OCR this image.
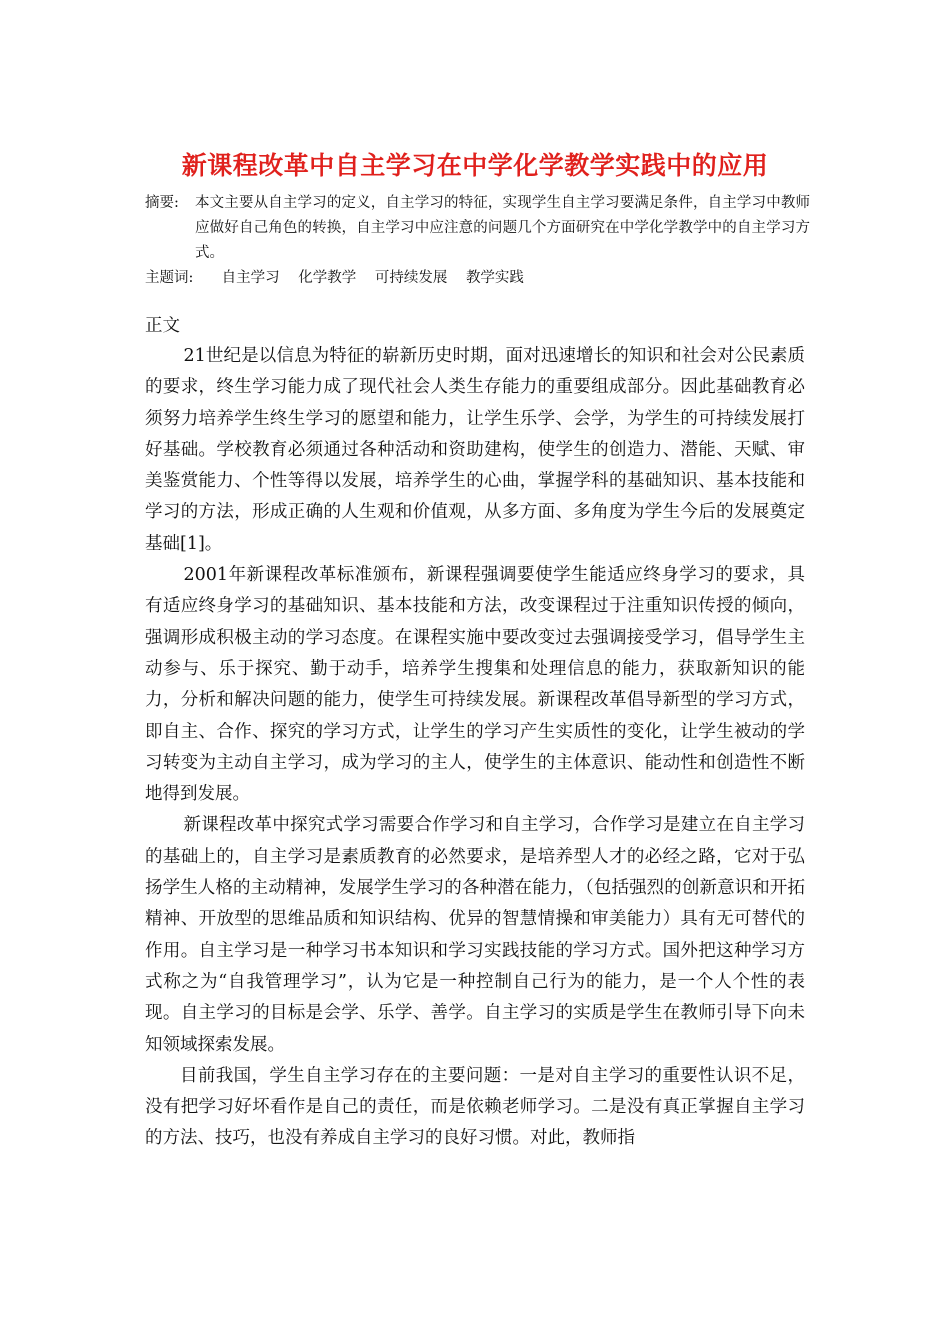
新课程改革中自主学习在中学化学教学实践中的应用
摘要:	本文主要从自主学习的定义，自主学习的特征，实现学生自主学习要满足条件，自主学习中教师应做好自己角色的转换，自主学习中应注意的问题几个方面研究在中学化学教学中的自主学习方式。
主题词: 自主学习 化学教学 可持续发展 教学实践
正文

21世纪是以信息为特征的崭新历史时期，面对迅速增长的知识和社会对公民素质的要求，终生学习能力成了现代社会人类生存能力的重要组成部分。因此基础教育必须努力培养学生终生学习的愿望和能力，让学生乐学、会学，为学生的可持续发展打好基础。学校教育必须通过各种活动和资助建构，使学生的创造力、潜能、天赋、审美鉴赏能力、个性等得以发展，培养学生的心曲，掌握学科的基础知识、基本技能和学习的方法，形成正确的人生观和价值观，从多方面、多角度为学生今后的发展奠定基础[1]。

2001年新课程改革标准颁布，新课程强调要使学生能适应终身学习的要求，具有适应终身学习的基础知识、基本技能和方法，改变课程过于注重知识传授的倾向，强调形成积极主动的学习态度。在课程实施中要改变过去强调接受学习，倡导学生主动参与、乐于探究、勤于动手，培养学生搜集和处理信息的能力，获取新知识的能力，分析和解决问题的能力，使学生可持续发展。新课程改革倡导新型的学习方式，即自主、合作、探究的学习方式，让学生的学习产生实质性的变化，让学生被动的学习转变为主动自主学习，成为学习的主人，使学生的主体意识、能动性和创造性不断地得到发展。

新课程改革中探究式学习需要合作学习和自主学习，合作学习是建立在自主学习的基础上的，自主学习是素质教育的必然要求，是培养型人才的必经之路，它对于弘扬学生人格的主动精神，发展学生学习的各种潜在能力，（包括强烈的创新意识和开拓精神、开放型的思维品质和知识结构、优异的智慧情操和审美能力）具有无可替代的作用。自主学习是一种学习书本知识和学习实践技能的学习方式。国外把这种学习方式称之为“自我管理学习”，认为它是一种控制自己行为的能力，是一个人个性的表现。自主学习的目标是会学、乐学、善学。自主学习的实质是学生在教师引导下向未知领域探索发展。

目前我国，学生自主学习存在的主要问题：一是对自主学习的重要性认识不足，没有把学习好坏看作是自己的责任，而是依赖老师学习。二是没有真正掌握自主学习的方法、技巧，也没有养成自主学习的良好习惯。对此，教师指
